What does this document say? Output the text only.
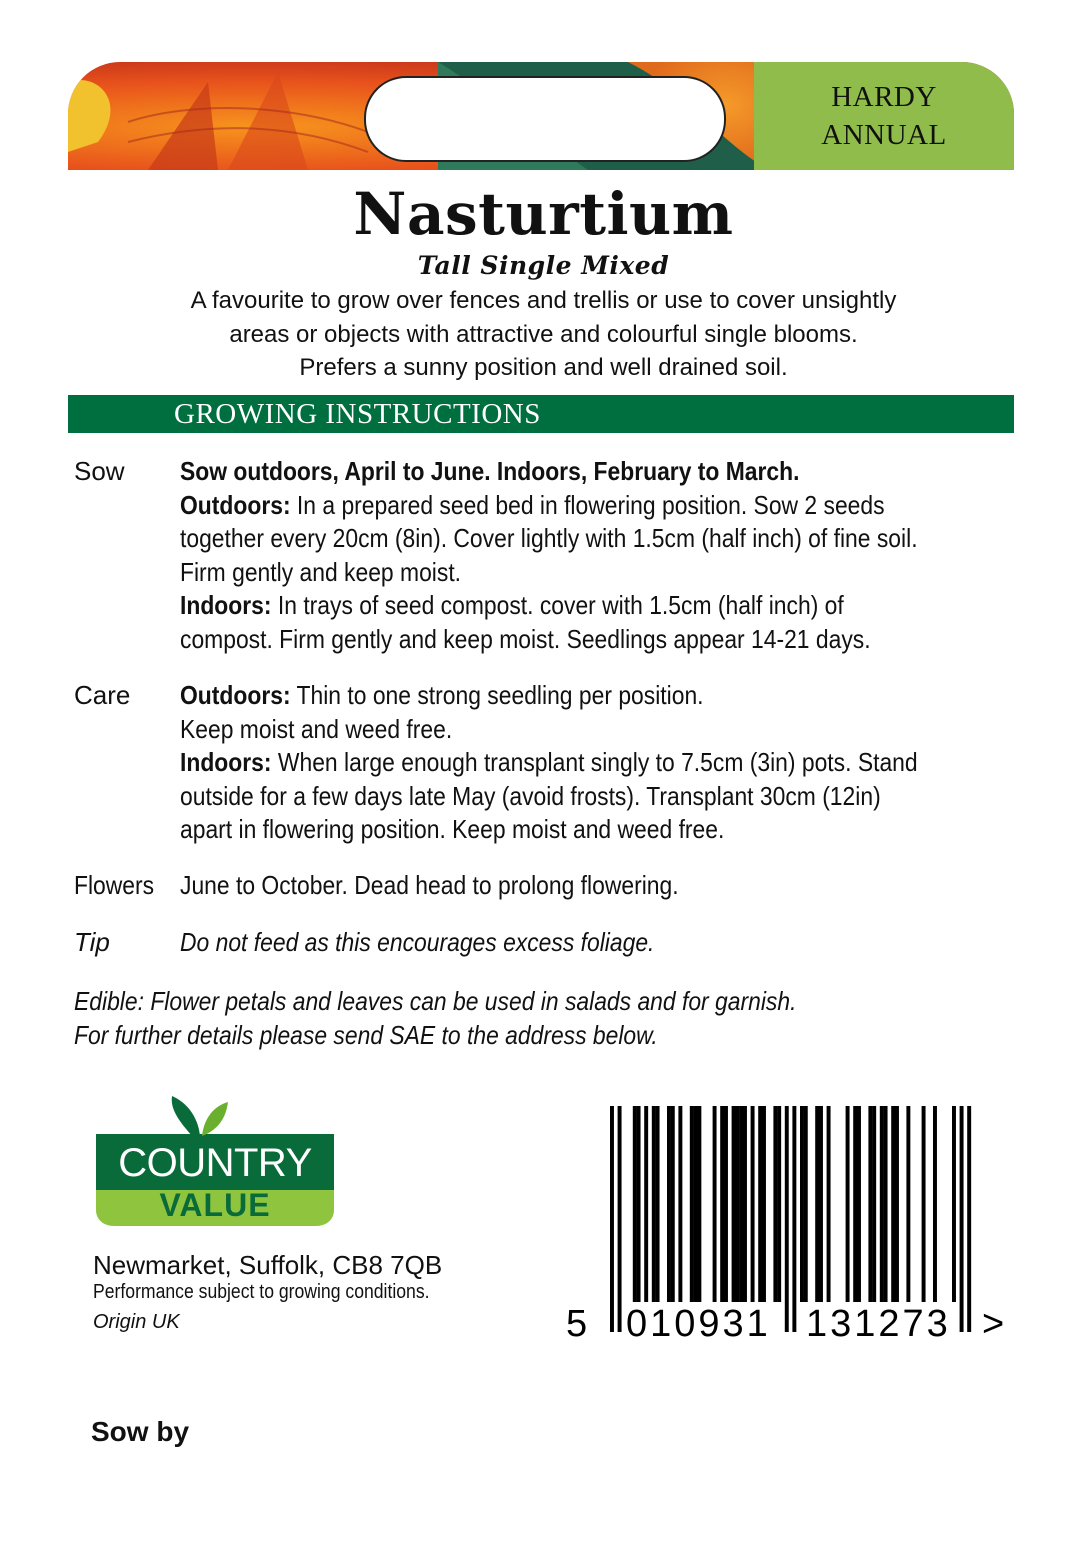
HARDY
ANNUAL
Nasturtium
Tall Single Mixed
A favourite to grow over fences and trellis or use to cover unsightly
areas or objects with attractive and colourful single blooms.
Prefers a sunny position and well drained soil.
GROWING INSTRUCTIONS
Sow Sow outdoors, April to June. Indoors, February to March.
Outdoors: In a prepared seed bed in flowering position. Sow 2 seeds
together every 20cm (8in). Cover lightly with 1.5cm (half inch) of fine soil.
Firm gently and keep moist.
Indoors: In trays of seed compost. cover with 1.5cm (half inch) of
compost. Firm gently and keep moist. Seedlings appear 14-21 days.
Care Outdoors: Thin to one strong seedling per position.
Keep moist and weed free.
Indoors: When large enough transplant singly to 7.5cm (3in) pots. Stand
outside for a few days late May (avoid frosts). Transplant 30cm (12in)
apart in flowering position. Keep moist and weed free.
Flowers June to October. Dead head to prolong flowering.
Tip	Do not feed as this encourages excess foliage.
Edible: Flower petals and leaves can be used in salads and for garnish.
For further details please send SAE to the address below.
COUNTRY
VALUE
Newmarket, Suffolk, CB8 7QB
Performance subject to growing conditions.
Origin UK
Sow by
5 010931 131273 >
